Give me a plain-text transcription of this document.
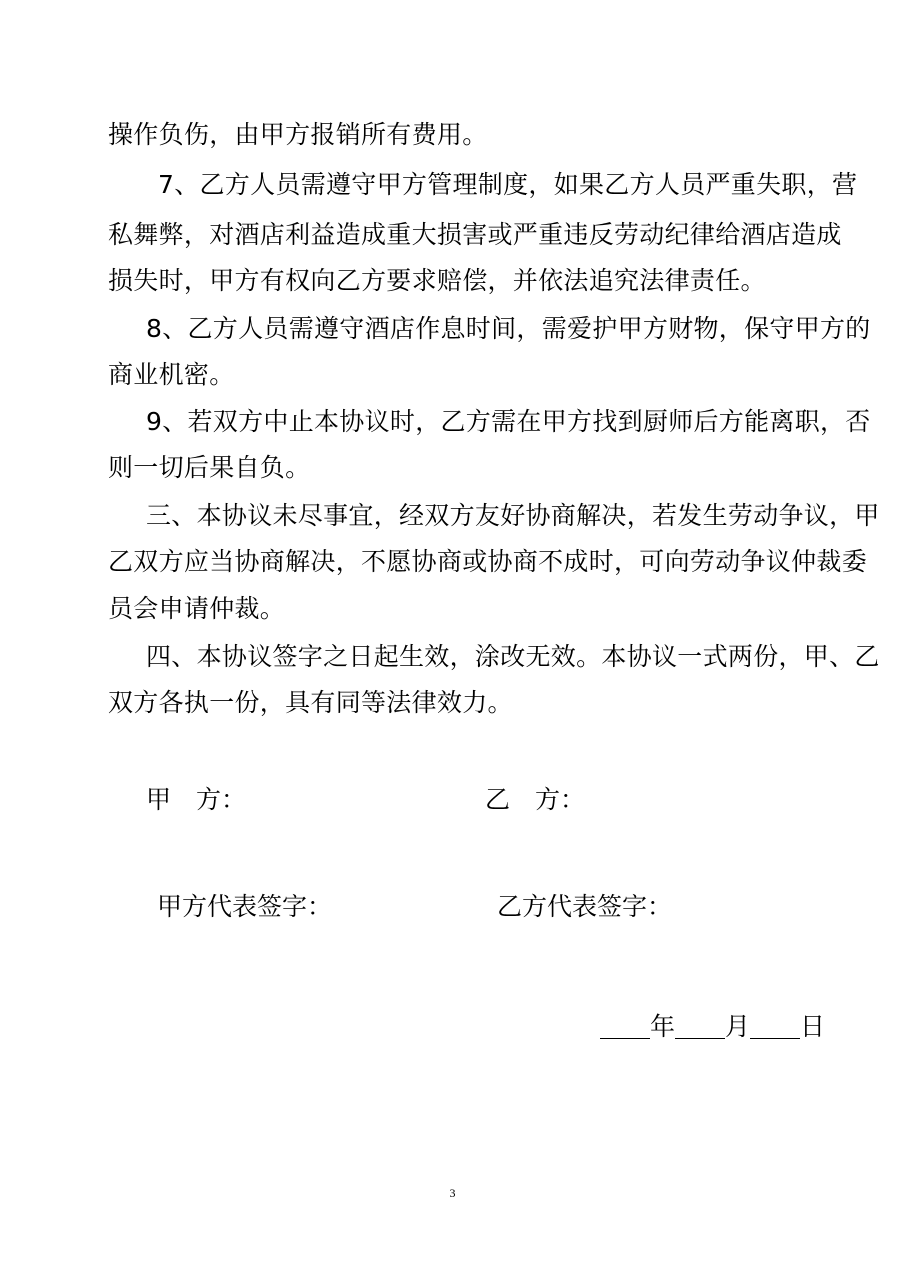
操作负伤，由甲方报销所有费用。
7、乙方人员需遵守甲方管理制度，如果乙方人员严重失职，营
私舞弊，对酒店利益造成重大损害或严重违反劳动纪律给酒店造成
损失时，甲方有权向乙方要求赔偿，并依法追究法律责任。
8、乙方人员需遵守酒店作息时间，需爱护甲方财物，保守甲方的
商业机密。
9、若双方中止本协议时，乙方需在甲方找到厨师后方能离职，否
则一切后果自负。
三、本协议未尽事宜，经双方友好协商解决，若发生劳动争议，甲
乙双方应当协商解决，不愿协商或协商不成时，可向劳动争议仲裁委
员会申请仲裁。
四、本协议签字之日起生效，涂改无效。本协议一式两份，甲、乙
双方各执一份，具有同等法律效力。
甲　方：	乙　方：
甲方代表签字：	乙方代表签字：
年 月 日
3
